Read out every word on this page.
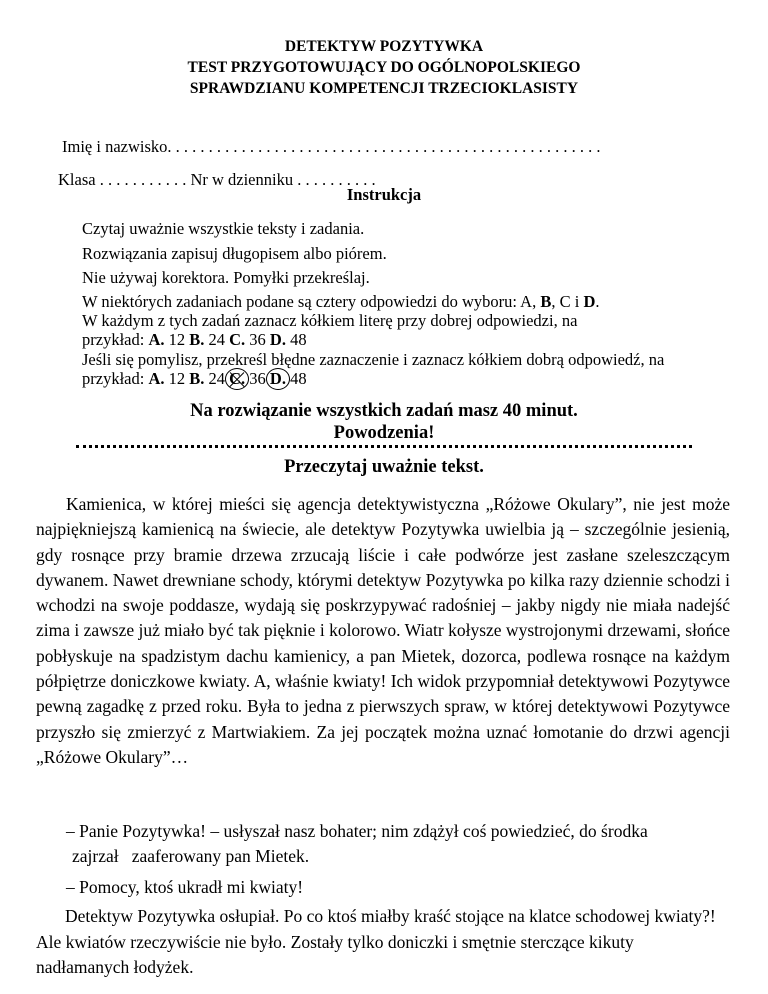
DETEKTYW POZYTYWKA
TEST PRZYGOTOWUJĄCY DO OGÓLNOPOLSKIEGO
SPRAWDZIANU KOMPETENCJI TRZECIOKLASISTY
Imię i nazwisko. . . . . . . . . . . . . . . . . . . . . . . . . . . . . . . . . . . . . . . . . . . . . . . . . . . . .
Klasa . . . . . . . . . . . Nr w dzienniku . . . . . . . . . .
Instrukcja
Czytaj uważnie wszystkie teksty i zadania.
Rozwiązania zapisuj długopisem albo piórem.
Nie używaj korektora. Pomyłki przekreślaj.
W niektórych zadaniach podane są cztery odpowiedzi do wyboru: A, B, C i D.
W każdym z tych zadań zaznacz kółkiem literę przy dobrej odpowiedzi, na
przykład: A. 12 B. 24 C. 36 D. 48
Jeśli się pomylisz, przekreśl błędne zaznaczenie i zaznacz kółkiem dobrą odpowiedź, na
przykład: A. 12 B. 24 C.
36 D. 48
Na rozwiązanie wszystkich zadań masz 40 minut.
Powodzenia!
Przeczytaj uważnie tekst.

Kamienica, w której mieści się agencja detektywistyczna „Różowe Okulary”, nie jest może najpiękniejszą kamienicą na świecie, ale detektyw Pozytywka uwielbia ją – szczególnie jesienią, gdy rosnące przy bramie drzewa zrzucają liście i całe podwórze jest zasłane szeleszczącym dywanem. Nawet drewniane schody, którymi detektyw Pozytywka po kilka razy dziennie schodzi i wchodzi na swoje poddasze, wydają się poskrzypywać radośniej – jakby nigdy nie miała nadejść zima i zawsze już miało być tak pięknie i kolorowo. Wiatr kołysze wystrojonymi drzewami, słońce pobłyskuje na spadzistym dachu kamienicy, a pan Mietek, dozorca, podlewa rosnące na każdym półpiętrze doniczkowe kwiaty. A, właśnie kwiaty! Ich widok przypomniał detektywowi Pozytywce pewną zagadkę z przed roku. Była to jedna z pierwszych spraw, w której detektywowi Pozytywce przyszło się zmierzyć z Martwiakiem. Za jej początek można uznać łomotanie do drzwi agencji „Różowe Okulary”…

– Panie Pozytywka! – usłyszał nasz bohater; nim zdążył coś powiedzieć, do środka
zajrzał   zaaferowany pan Mietek.
– Pomocy, ktoś ukradł mi kwiaty!

Detektyw Pozytywka osłupiał. Po co ktoś miałby kraść stojące na klatce schodowej kwiaty?! Ale kwiatów rzeczywiście nie było. Zostały tylko doniczki i smętnie sterczące kikuty nadłamanych łodyżek.
